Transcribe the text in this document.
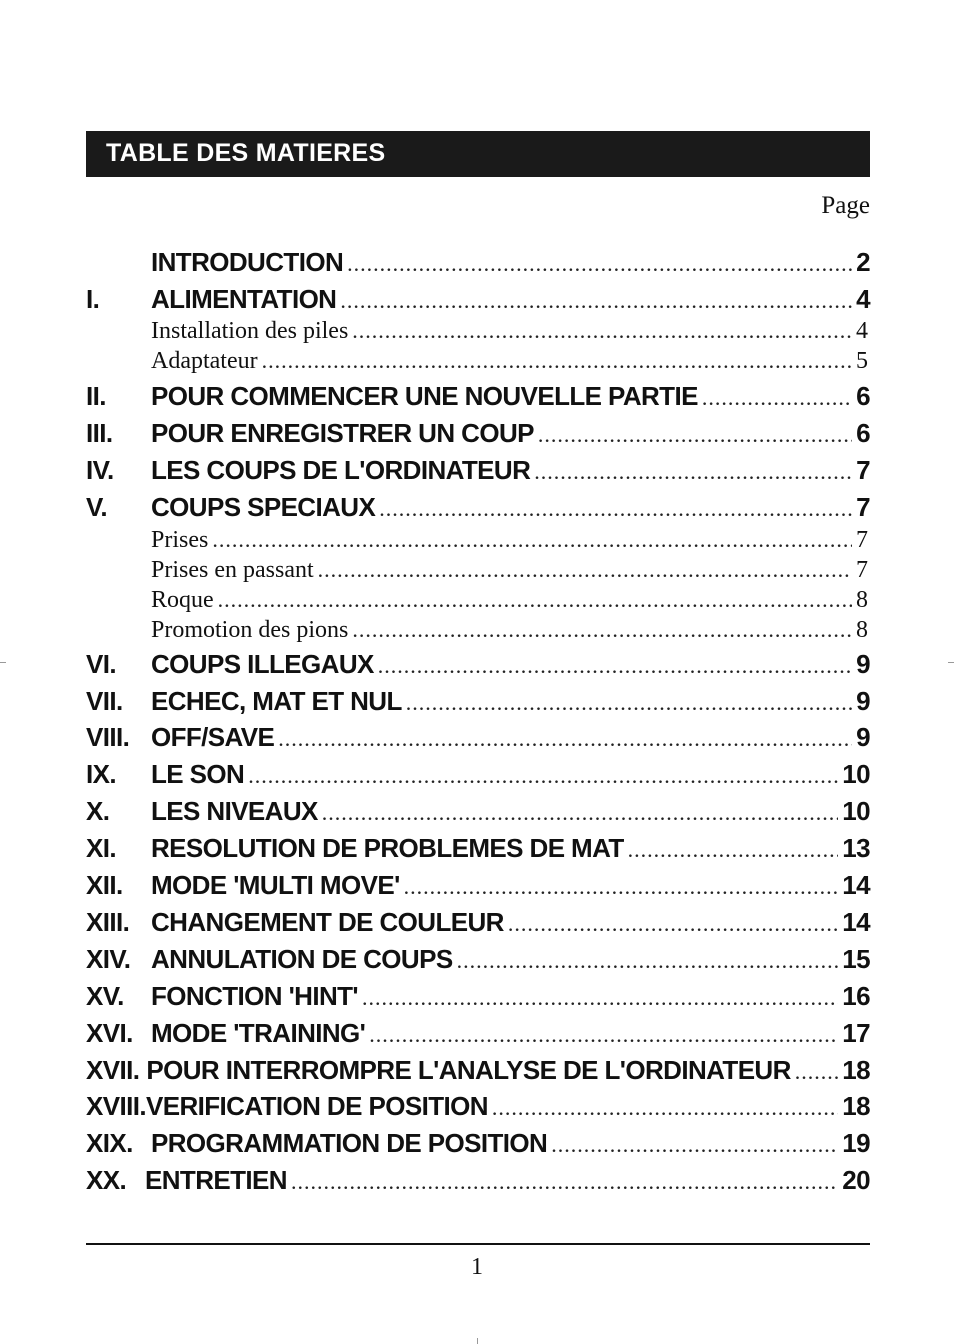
TABLE DES MATIERES
Page
INTRODUCTION .....	2
I.	ALIMENTATION .....	4
Installation des piles .....	4
Adaptateur .....	5
II.	POUR COMMENCER UNE NOUVELLE PARTIE .....	6
III.	POUR ENREGISTRER UN COUP .....	6
IV.	LES COUPS DE L'ORDINATEUR .....	7
V.	COUPS SPECIAUX .....	7
Prises .....	7
Prises en passant .....	7
Roque .....	8
Promotion des pions .....	8
VI.	COUPS ILLEGAUX .....	9
VII.	ECHEC, MAT ET NUL .....	9
VIII. OFF/SAVE .....	9
IX.	LE SON .....	10
X.	LES NIVEAUX .....	10
XI.	RESOLUTION DE PROBLEMES DE MAT .....	13
XII.	MODE 'MULTI MOVE' .....	14
XIII. CHANGEMENT DE COULEUR .....	14
XIV. ANNULATION DE COUPS .....	15
XV.	FONCTION 'HINT' .....	16
XVI. MODE 'TRAINING' .....	17
XVII. POUR INTERROMPRE L'ANALYSE DE L'ORDINATEUR ..... 18
XVIII. VERIFICATION DE POSITION .....	18
XIX. PROGRAMMATION DE POSITION .....	19
XX. ENTRETIEN .....	20
1
